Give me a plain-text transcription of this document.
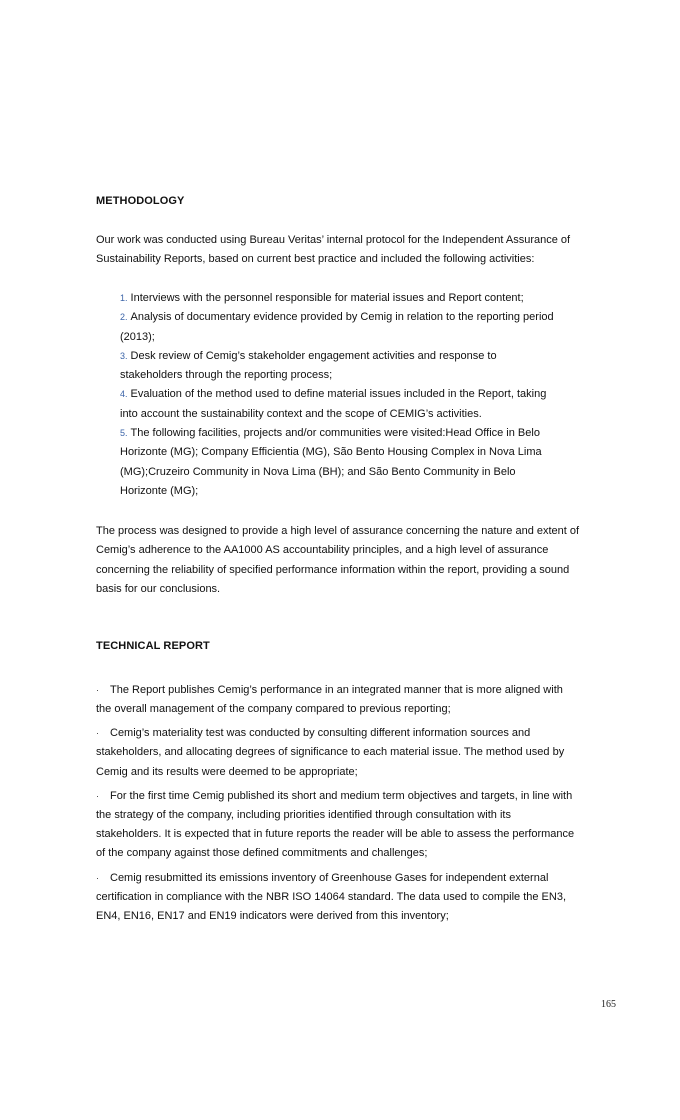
METHODOLOGY

Our work was conducted using Bureau Veritas’ internal protocol for the Independent Assurance of Sustainability Reports, based on current best practice and included the following activities:

1. Interviews with the personnel responsible for material issues and Report content;
2. Analysis of documentary evidence provided by Cemig in relation to the reporting period (2013);
3. Desk review of Cemig’s stakeholder engagement activities and response to stakeholders through the reporting process;
4. Evaluation of the method used to define material issues included in the Report, taking into account the sustainability context and the scope of CEMIG’s activities.
5. The following facilities, projects and/or communities were visited:Head Office in Belo Horizonte (MG); Company Efficientia (MG), São Bento Housing Complex in Nova Lima (MG);Cruzeiro Community in Nova Lima (BH); and São Bento Community in Belo Horizonte (MG);

The process was designed to provide a high level of assurance concerning the nature and extent of Cemig’s adherence to the AA1000 AS accountability principles, and a high level of assurance concerning the reliability of specified performance information within the report, providing a sound basis for our conclusions.

TECHNICAL REPORT
·	The Report publishes Cemig’s performance in an integrated manner that is more aligned with

the overall management of the company compared to previous reporting;

·	Cemig’s materiality test was conducted by consulting different information sources and

stakeholders, and allocating degrees of significance to each material issue. The method used by Cemig and its results were deemed to be appropriate;

·	For the first time Cemig published its short and medium term objectives and targets, in line with

the strategy of the company, including priorities identified through consultation with its stakeholders. It is expected that in future reports the reader will be able to assess the performance of the company against those defined commitments and challenges;

·	Cemig resubmitted its emissions inventory of Greenhouse Gases for independent external

certification in compliance with the NBR ISO 14064 standard. The data used to compile the EN3, EN4, EN16, EN17 and EN19 indicators were derived from this inventory;

165
